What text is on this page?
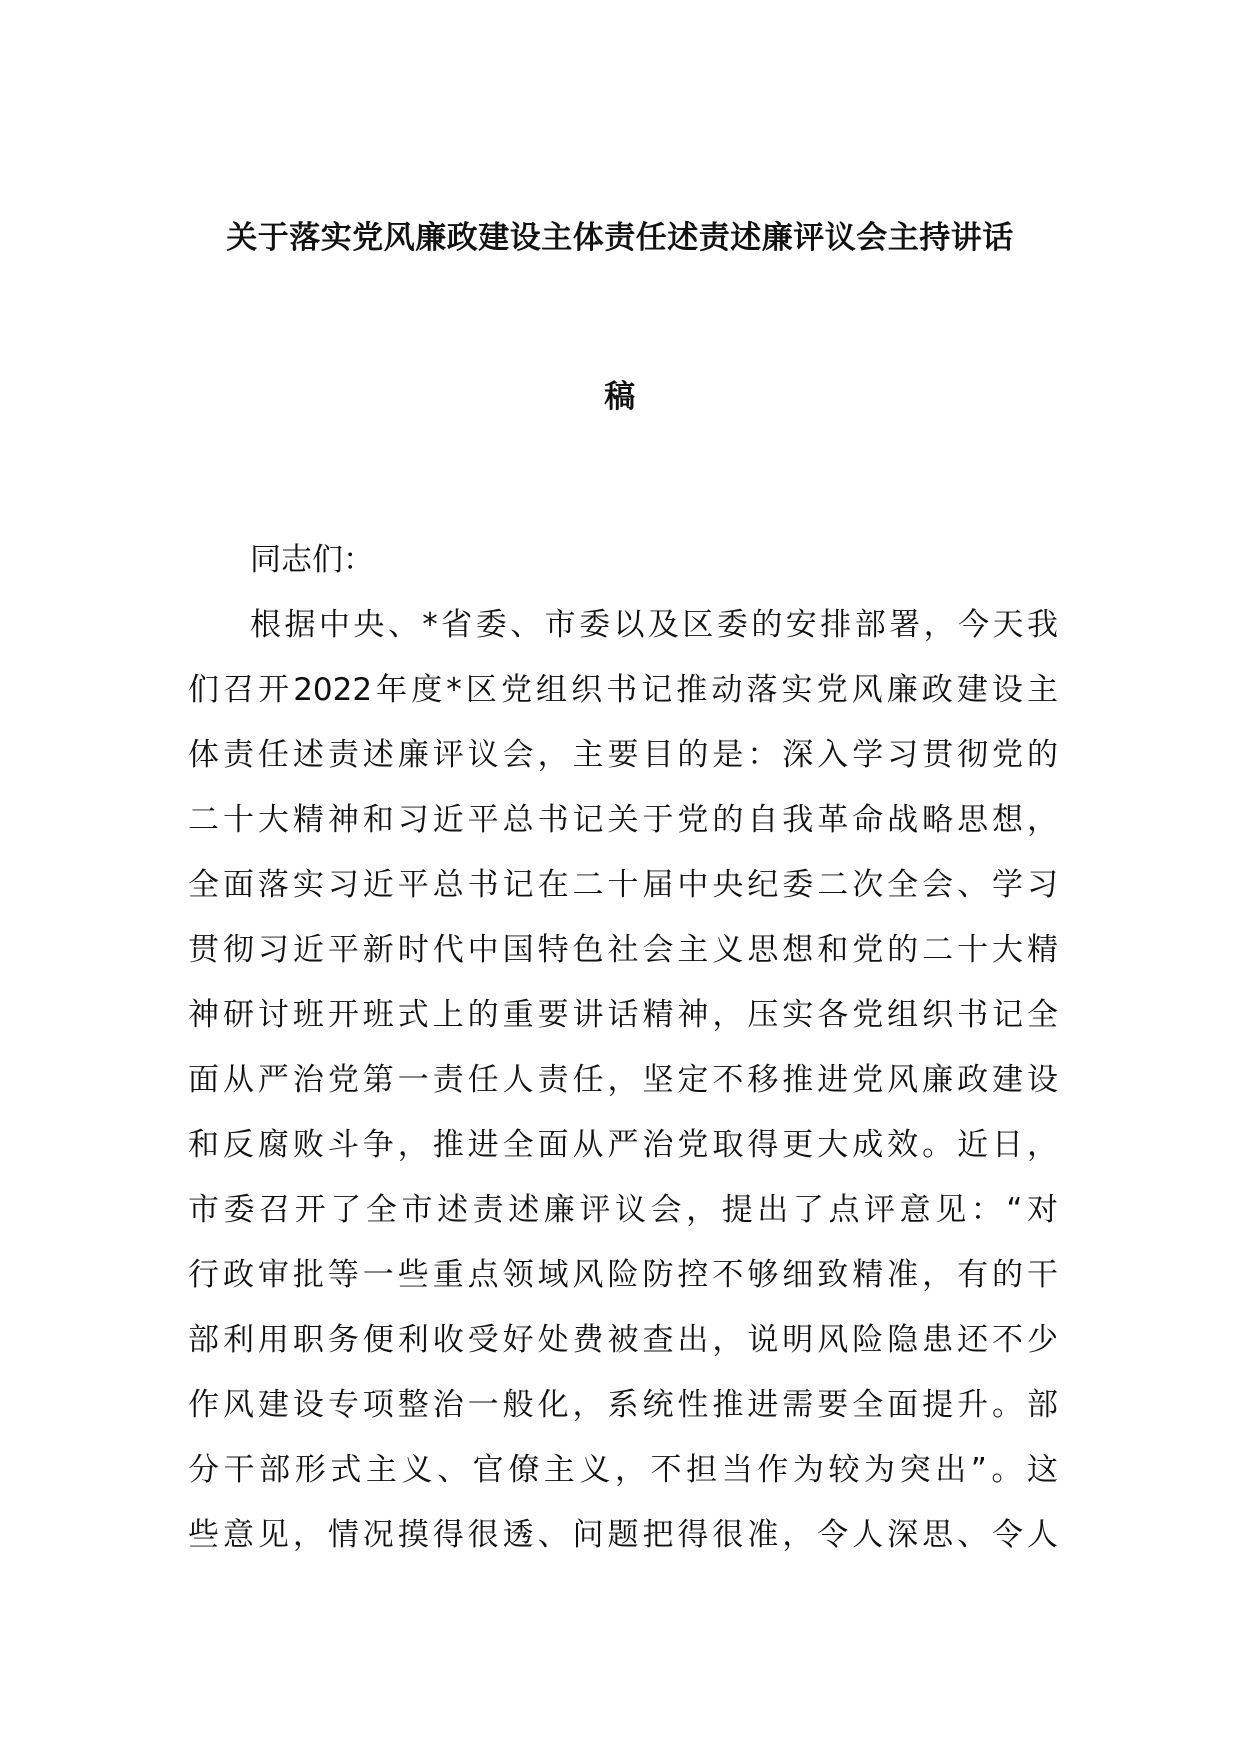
关于落实党风廉政建设主体责任述责述廉评议会主持讲话
稿
同志们：
根据中央、*省委、市委以及区委的安排部署，今天我
们召开2022年度*区党组织书记推动落实党风廉政建设主
体责任述责述廉评议会，主要目的是：深入学习贯彻党的
二十大精神和习近平总书记关于党的自我革命战略思想，
全面落实习近平总书记在二十届中央纪委二次全会、学习
贯彻习近平新时代中国特色社会主义思想和党的二十大精
神研讨班开班式上的重要讲话精神，压实各党组织书记全
面从严治党第一责任人责任，坚定不移推进党风廉政建设
和反腐败斗争，推进全面从严治党取得更大成效。近日，
市委召开了全市述责述廉评议会，提出了点评意见：“对
行政审批等一些重点领域风险防控不够细致精准，有的干
部利用职务便利收受好处费被查出，说明风险隐患还不少
作风建设专项整治一般化，系统性推进需要全面提升。部
分干部形式主义、官僚主义，不担当作为较为突出”。这
些意见，情况摸得很透、问题把得很准，令人深思、令人
